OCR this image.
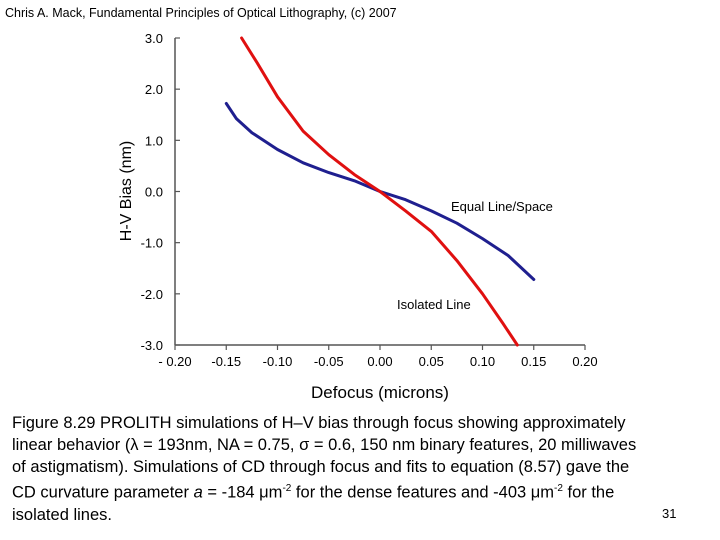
Chris A. Mack, Fundamental Principles of Optical Lithography, (c) 2007
- 0.20 -0.15 -0.10 -0.05 0.00 0.05 0.10 0.15 0.20
3.0
2.0
1.0
0.0
-1.0
-2.0
-3.0
Defocus (microns)
H-V Bias (nm)	Equal Line/Space
Isolated Line
Figure 8.29 PROLITH simulations of H–V bias through focus showing approximately
linear behavior (λ = 193nm, NA = 0.75, σ = 0.6, 150 nm binary features, 20 milliwaves
of astigmatism). Simulations of CD through focus and fits to equation (8.57) gave the
CD curvature parameter a = -184 $\mu m^{-2}$ for the dense features and -403 $\mu m^{-2}$ for the
isolated lines.	31
